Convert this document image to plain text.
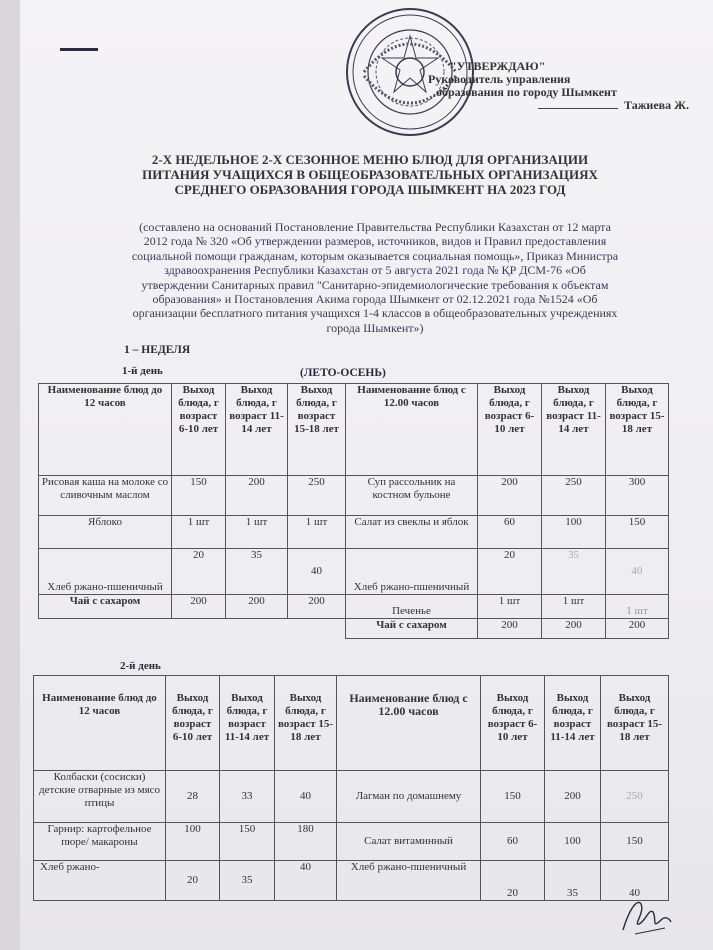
"УТВЕРЖДАЮ"
Руководитель управления
образования по городу Шымкент
Тажиева Ж.
2-Х НЕДЕЛЬНОЕ 2-Х СЕЗОННОЕ МЕНЮ БЛЮД ДЛЯ ОРГАНИЗАЦИИ ПИТАНИЯ УЧАЩИХСЯ В ОБЩЕОБРАЗОВАТЕЛЬНЫХ ОРГАНИЗАЦИЯХ СРЕДНЕГО ОБРАЗОВАНИЯ ГОРОДА ШЫМКЕНТ НА 2023 ГОД
(составлено на оснований Постановление Правительства Республики Казахстан от 12 марта 2012 года № 320 «Об утверждении размеров, источников, видов и Правил предоставления социальной помощи гражданам, которым оказывается социальная помощь», Приказ Министра здравоохранения Республики Казахстан от 5 августа 2021 года № ҚР ДСМ-76 «Об утверждении Санитарных правил "Санитарно-эпидемиологические требования к объектам образования» и Постановления Акима города Шымкент от 02.12.2021 года №1524 «Об организации бесплатного питания учащихся 1-4 классов в общеобразовательных учреждениях города Шымкент»)
1 – НЕДЕЛЯ
1-й день	(ЛЕТО-ОСЕНЬ)
Наименование блюд до 12 часов	Выход блюда, г возраст 6-10 лет	Выход блюда, г возраст 11-14 лет	Выход блюда, г возраст 15-18 лет	Наименование блюд с 12.00 часов	Выход блюда, г возраст 6-10 лет	Выход блюда, г возраст 11-14 лет	Выход блюда, г возраст 15-18 лет
Рисовая каша на молоке со сливочным маслом	150	200	250	Суп рассольник на костном бульоне	200	250	300
Яблоко	1 шт	1 шт	1 шт	Салат из свеклы и яблок	60	100	150
Хлеб ржано-пшеничный	20	35	40	Хлеб ржано-пшеничный	20	35	40
Чай с сахаром	200	200	200	Печенье	1 шт	1 шт	1 шт
				Чай с сахаром	200	200	200
2-й день
Наименование блюд до 12 часов	Выход блюда, г возраст 6-10 лет	Выход блюда, г возраст 11-14 лет	Выход блюда, г возраст 15-18 лет	Наименование блюд с 12.00 часов	Выход блюда, г возраст 6-10 лет	Выход блюда, г возраст 11-14 лет	Выход блюда, г возраст 15-18 лет
Колбаски (сосиски) детские отварные из мясо птицы	28	33	40	Лагман по домашнему	150	200	250
Гарнир: картофельное пюре/ макароны	100	150	180	Салат витаминный	60	100	150
Хлеб ржано-	20	35	40	Хлеб ржано-пшеничный	20	35	40
